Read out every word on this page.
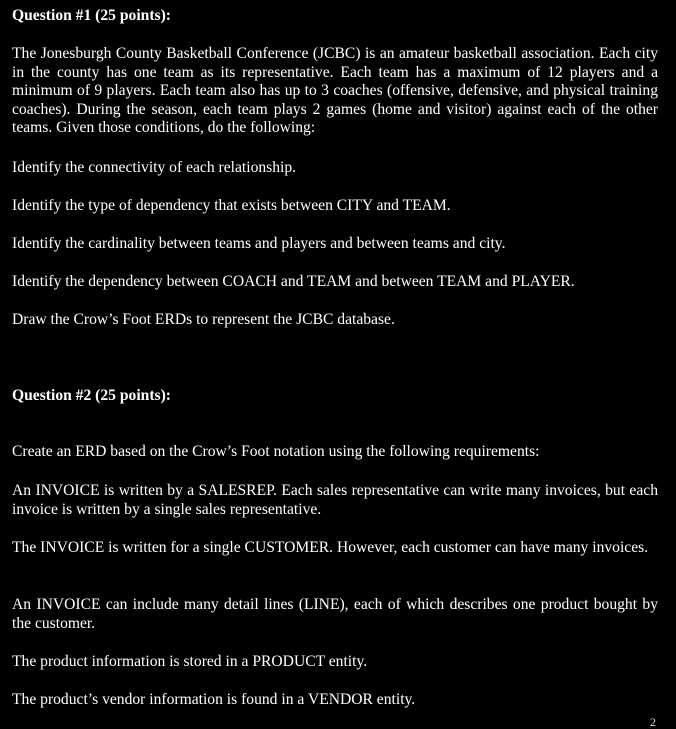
Question #1 (25 points):

The Jonesburgh County Basketball Conference (JCBC) is an amateur basketball association. Each city in the county has one team as its representative. Each team has a maximum of 12 players and a minimum of 9 players. Each team also has up to 3 coaches (offensive, defensive, and physical training coaches). During the season, each team plays 2 games (home and visitor) against each of the other teams. Given those conditions, do the following:

Identify the connectivity of each relationship.

Identify the type of dependency that exists between CITY and TEAM.

Identify the cardinality between teams and players and between teams and city.

Identify the dependency between COACH and TEAM and between TEAM and PLAYER.

Draw the Crow’s Foot ERDs to represent the JCBC database.

Question #2 (25 points):

Create an ERD based on the Crow’s Foot notation using the following requirements:

An INVOICE is written by a SALESREP. Each sales representative can write many invoices, but each invoice is written by a single sales representative.

The INVOICE is written for a single CUSTOMER. However, each customer can have many invoices.

An INVOICE can include many detail lines (LINE), each of which describes one product bought by the customer.

The product information is stored in a PRODUCT entity.

The product’s vendor information is found in a VENDOR entity.

2
